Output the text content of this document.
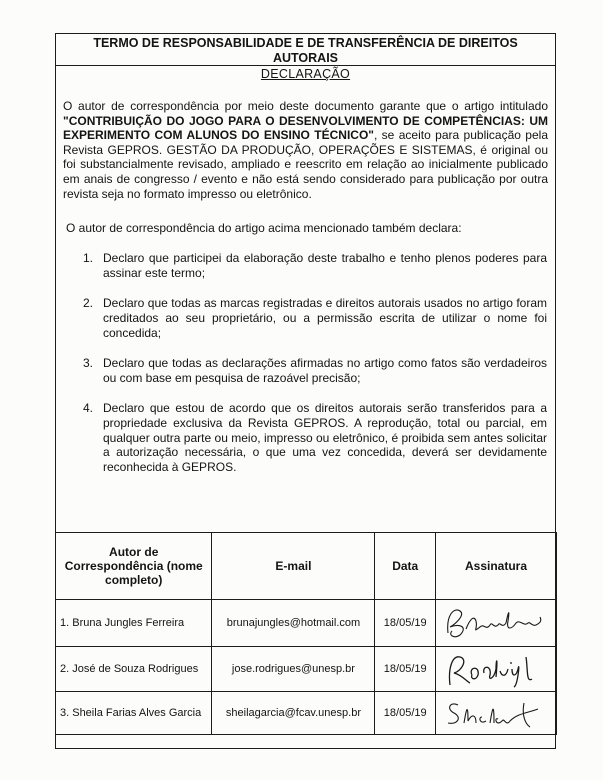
TERMO DE RESPONSABILIDADE E DE TRANSFERÊNCIA DE DIREITOS AUTORAIS
DECLARAÇÃO

O autor de correspondência por meio deste documento garante que o artigo intitulado "CONTRIBUIÇÃO DO JOGO PARA O DESENVOLVIMENTO DE COMPETÊNCIAS: UM EXPERIMENTO COM ALUNOS DO ENSINO TÉCNICO", se aceito para publicação pela Revista GEPROS. GESTÃO DA PRODUÇÃO, OPERAÇÕES E SISTEMAS, é original ou foi substancialmente revisado, ampliado e reescrito em relação ao inicialmente publicado em anais de congresso / evento e não está sendo considerado para publicação por outra revista seja no formato impresso ou eletrônico.

O autor de correspondência do artigo acima mencionado também declara:
1. Declaro que participei da elaboração deste trabalho e tenho plenos poderes para assinar este termo;
2. Declaro que todas as marcas registradas e direitos autorais usados no artigo foram creditados ao seu proprietário, ou a permissão escrita de utilizar o nome foi concedida;
3. Declaro que todas as declarações afirmadas no artigo como fatos são verdadeiros ou com base em pesquisa de razoável precisão;
4. Declaro que estou de acordo que os direitos autorais serão transferidos para a propriedade exclusiva da Revista GEPROS. A reprodução, total ou parcial, em qualquer outra parte ou meio, impresso ou eletrônico, é proibida sem antes solicitar a autorização necessária, o que uma vez concedida, deverá ser devidamente reconhecida à GEPROS.
Autor de Correspondência (nome completo)	E-mail	Data	Assinatura
1. Bruna Jungles Ferreira	brunajungles@hotmail.com	18/05/19	

2. José de Souza Rodrigues	jose.rodrigues@unesp.br	18/05/19	

3. Sheila Farias Alves Garcia	sheilagarcia@fcav.unesp.br	18/05/19	
